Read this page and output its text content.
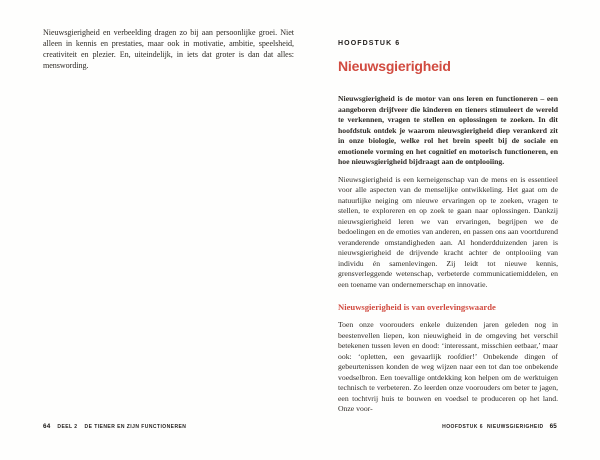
Nieuwsgierigheid en verbeelding dragen zo bij aan persoonlijke groei. Niet alleen in kennis en prestaties, maar ook in motivatie, ambitie, speelsheid, creativiteit en plezier. En, uiteindelijk, in iets dat groter is dan dat alles: menswording.

64 DEEL 2 DE TIENER EN ZIJN FUNCTIONEREN
HOOFDSTUK 6
Nieuwsgierigheid

Nieuwsgierigheid is de motor van ons leren en functioneren – een aangeboren drijfveer die kinderen en tieners stimuleert de wereld te verkennen, vragen te stellen en oplossingen te zoeken. In dit hoofdstuk ontdek je waarom nieuwsgierigheid diep verankerd zit in onze biologie, welke rol het brein speelt bij de sociale en emotionele vorming en het cognitief en motorisch functioneren, en hoe nieuwsgierigheid bijdraagt aan de ontplooiing.

Nieuwsgierigheid is een kerneigenschap van de mens en is essentieel voor alle aspecten van de menselijke ontwikkeling. Het gaat om de natuurlijke neiging om nieuwe ervaringen op te zoeken, vragen te stellen, te exploreren en op zoek te gaan naar oplossingen. Dankzij nieuwsgierigheid leren we van ervaringen, begrijpen we de bedoelingen en de emoties van anderen, en passen ons aan voortdurend veranderende omstandigheden aan. Al honderdduizenden jaren is nieuwsgierigheid de drijvende kracht achter de ontplooiing van individu én samenlevingen. Zij leidt tot nieuwe kennis, grensverleggende wetenschap, verbeterde communicatiemiddelen, en een toename van ondernemerschap en innovatie.

Nieuwsgierigheid is van overlevingswaarde

Toen onze voorouders enkele duizenden jaren geleden nog in beestenvellen liepen, kon nieuwigheid in de omgeving het verschil betekenen tussen leven en dood: ‘interessant, misschien eetbaar,’ maar ook: ‘opletten, een gevaarlijk roofdier!’ Onbekende dingen of gebeurtenissen konden de weg wijzen naar een tot dan toe onbekende voedselbron. Een toevallige ontdekking kon helpen om de werktuigen technisch te verbeteren. Zo leerden onze voorouders om beter te jagen, een tochtvrij huis te bouwen en voedsel te produceren op het land. Onze voor-

HOOFDSTUK 6 NIEUWSGIERIGHEID 65
